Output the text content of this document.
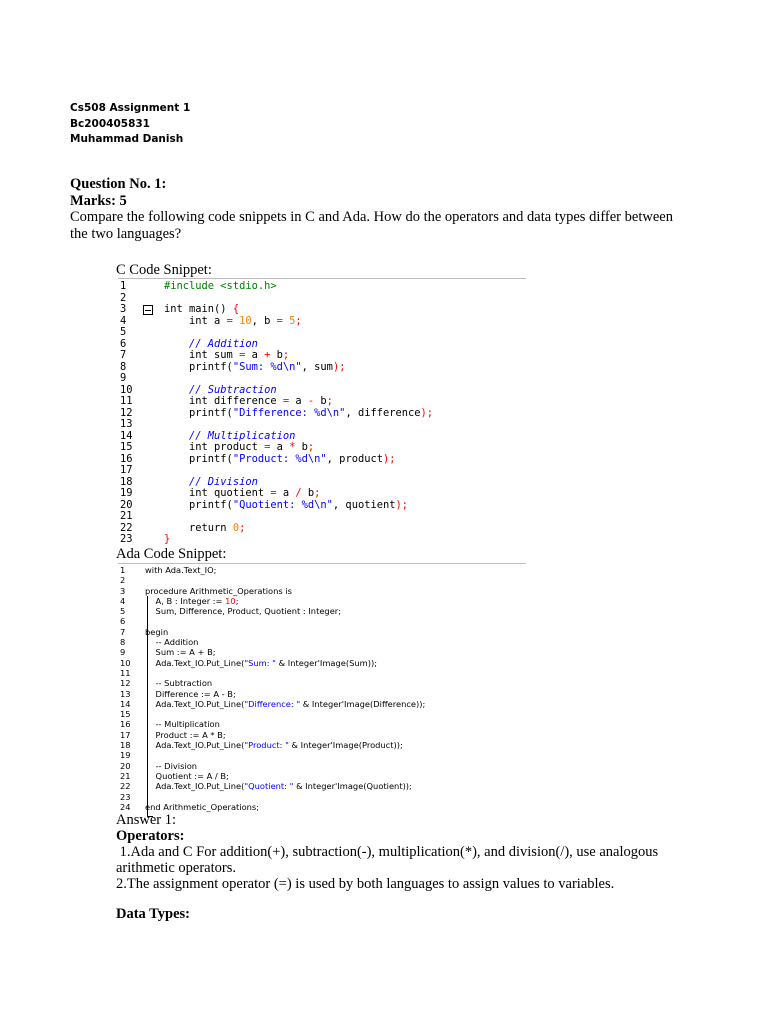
Cs508 Assignment 1
Bc200405831
Muhammad Danish
Question No. 1:
Marks: 5
Compare the following code snippets in C and Ada. How do the operators and data types differ between the two languages?
C Code Snippet:
1	#include <stdio.h>
2
3	int main() {
4	int a = 10, b = 5;
5
6	// Addition
7	int sum = a + b;
8	printf("Sum: %d\n", sum);
9
10	// Subtraction
11	int difference = a - b;
12	printf("Difference: %d\n", difference);
13
14	// Multiplication
15	int product = a * b;
16	printf("Product: %d\n", product);
17
18	// Division
19	int quotient = a / b;
20	printf("Quotient: %d\n", quotient);
21
22	return 0;
23	}
Ada Code Snippet:
1 with Ada.Text_IO;
2
3 procedure Arithmetic_Operations is
4 A, B : Integer := 10;
5 Sum, Difference, Product, Quotient : Integer;
6
7 begin
8 -- Addition
9 Sum := A + B;
10 Ada.Text_IO.Put_Line("Sum: " & Integer'Image(Sum));
11
12 -- Subtraction
13 Difference := A - B;
14 Ada.Text_IO.Put_Line("Difference: " & Integer'Image(Difference));
15
16 -- Multiplication
17 Product := A * B;
18 Ada.Text_IO.Put_Line("Product: " & Integer'Image(Product));
19
20 -- Division
21 Quotient := A / B;
22 Ada.Text_IO.Put_Line("Quotient: " & Integer'Image(Quotient));
23
24 end Arithmetic_Operations;
Answer 1:
Operators:
1.Ada and C For addition(+), subtraction(-), multiplication(*), and division(/), use analogous arithmetic operators.
2.The assignment operator (=) is used by both languages to assign values to variables.
Data Types:
